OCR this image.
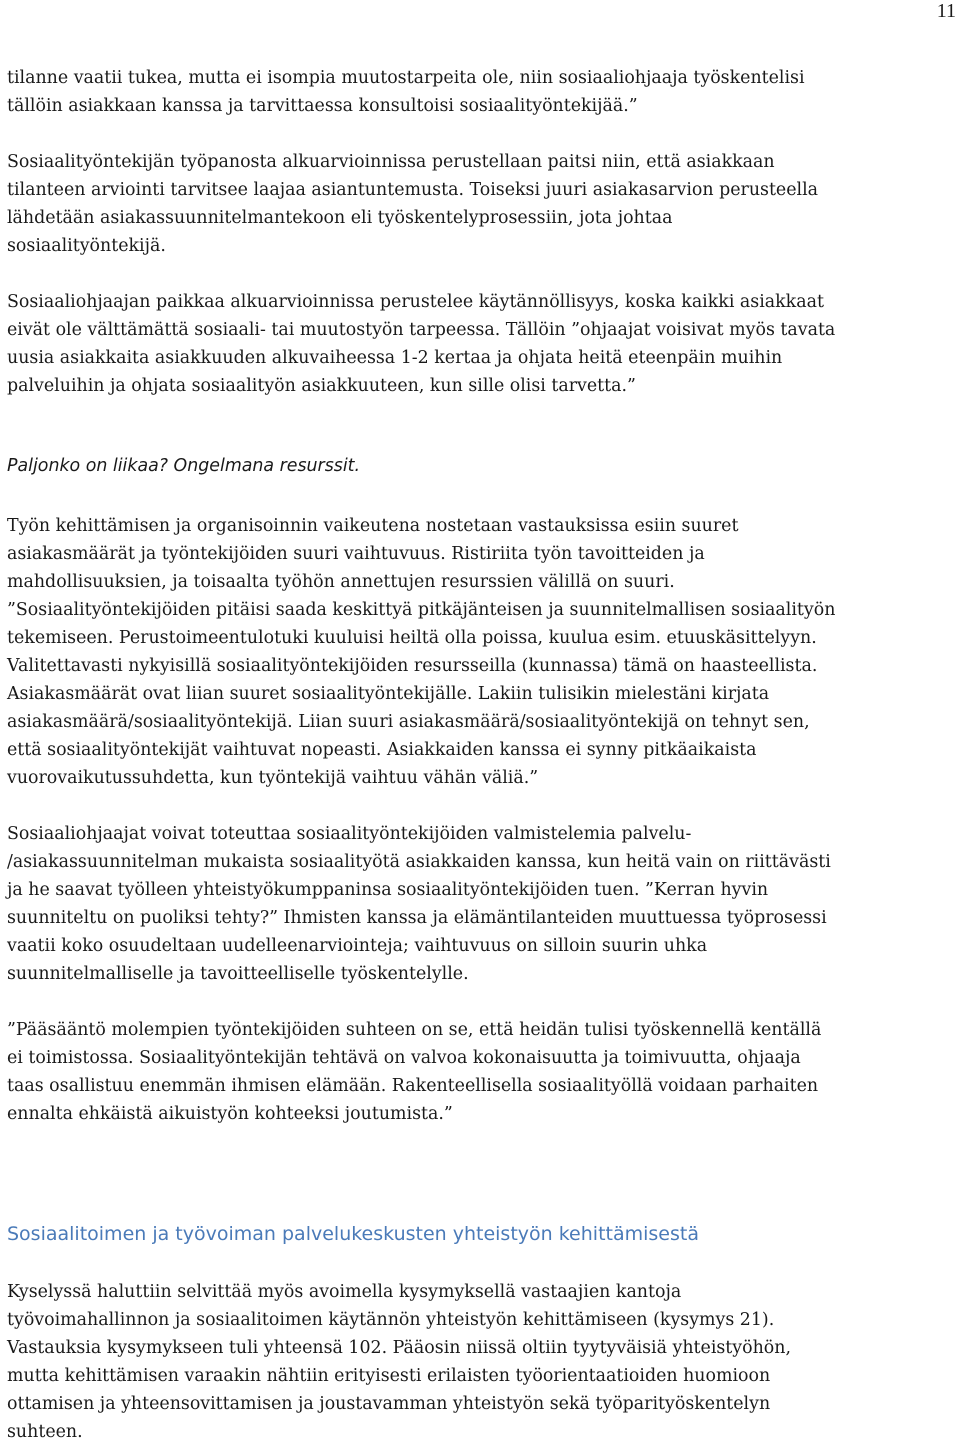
11

tilanne vaatii tukea, mutta ei isompia muutostarpeita ole, niin sosiaaliohjaaja työskentelisi
tällöin asiakkaan kanssa ja tarvittaessa konsultoisi sosiaalityöntekijää.”

Sosiaalityöntekijän työpanosta alkuarvioinnissa perustellaan paitsi niin, että asiakkaan
tilanteen arviointi tarvitsee laajaa asiantuntemusta. Toiseksi juuri asiakasarvion perusteella
lähdetään asiakassuunnitelmantekoon eli työskentelyprosessiin, jota johtaa
sosiaalityöntekijä.

Sosiaaliohjaajan paikkaa alkuarvioinnissa perustelee käytännöllisyys, koska kaikki asiakkaat
eivät ole välttämättä sosiaali- tai muutostyön tarpeessa. Tällöin ”ohjaajat voisivat myös tavata
uusia asiakkaita asiakkuuden alkuvaiheessa 1-2 kertaa ja ohjata heitä eteenpäin muihin
palveluihin ja ohjata sosiaalityön asiakkuuteen, kun sille olisi tarvetta.”

Paljonko on liikaa? Ongelmana resurssit.

Työn kehittämisen ja organisoinnin vaikeutena nostetaan vastauksissa esiin suuret
asiakasmäärät ja työntekijöiden suuri vaihtuvuus. Ristiriita työn tavoitteiden ja
mahdollisuuksien, ja toisaalta työhön annettujen resurssien välillä on suuri.
”Sosiaalityöntekijöiden pitäisi saada keskittyä pitkäjänteisen ja suunnitelmallisen sosiaalityön
tekemiseen. Perustoimeentulotuki kuuluisi heiltä olla poissa, kuulua esim. etuuskäsittelyyn.
Valitettavasti nykyisillä sosiaalityöntekijöiden resursseilla (kunnassa) tämä on haasteellista.
Asiakasmäärät ovat liian suuret sosiaalityöntekijälle. Lakiin tulisikin mielestäni kirjata
asiakasmäärä/sosiaalityöntekijä. Liian suuri asiakasmäärä/sosiaalityöntekijä on tehnyt sen,
että sosiaalityöntekijät vaihtuvat nopeasti. Asiakkaiden kanssa ei synny pitkäaikaista
vuorovaikutussuhdetta, kun työntekijä vaihtuu vähän väliä.”

Sosiaaliohjaajat voivat toteuttaa sosiaalityöntekijöiden valmistelemia palvelu-
/asiakassuunnitelman mukaista sosiaalityötä asiakkaiden kanssa, kun heitä vain on riittävästi
ja he saavat työlleen yhteistyökumppaninsa sosiaalityöntekijöiden tuen. ”Kerran hyvin
suunniteltu on puoliksi tehty?” Ihmisten kanssa ja elämäntilanteiden muuttuessa työprosessi
vaatii koko osuudeltaan uudelleenarviointeja; vaihtuvuus on silloin suurin uhka
suunnitelmalliselle ja tavoitteelliselle työskentelylle.

”Pääsääntö molempien työntekijöiden suhteen on se, että heidän tulisi työskennellä kentällä
ei toimistossa. Sosiaalityöntekijän tehtävä on valvoa kokonaisuutta ja toimivuutta, ohjaaja
taas osallistuu enemmän ihmisen elämään. Rakenteellisella sosiaalityöllä voidaan parhaiten
ennalta ehkäistä aikuistyön kohteeksi joutumista.”

Sosiaalitoimen ja työvoiman palvelukeskusten yhteistyön kehittämisestä

Kyselyssä haluttiin selvittää myös avoimella kysymyksellä vastaajien kantoja
työvoimahallinnon ja sosiaalitoimen käytännön yhteistyön kehittämiseen (kysymys 21).
Vastauksia kysymykseen tuli yhteensä 102. Pääosin niissä oltiin tyytyväisiä yhteistyöhön,
mutta kehittämisen varaakin nähtiin erityisesti erilaisten työorientaatioiden huomioon
ottamisen ja yhteensovittamisen ja joustavamman yhteistyön sekä työparityöskentelyn
suhteen.
